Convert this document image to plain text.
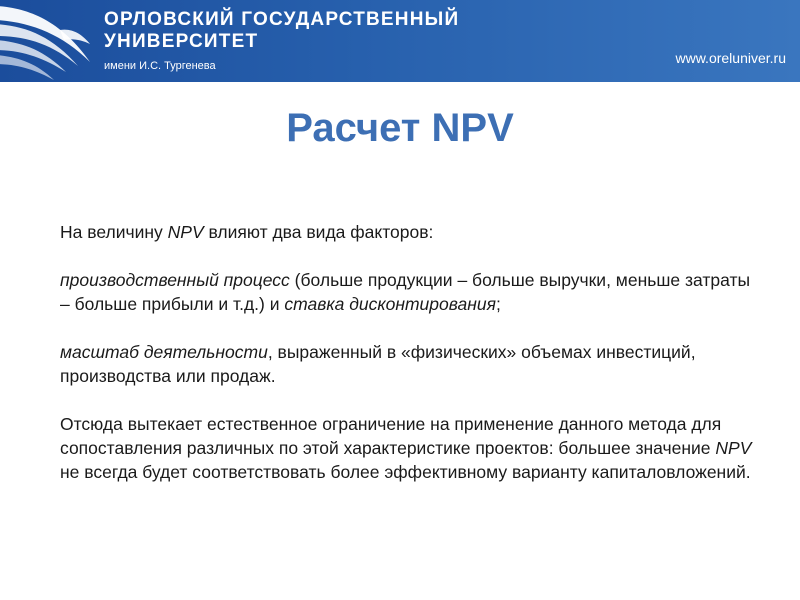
ОРЛОВСКИЙ ГОСУДАРСТВЕННЫЙ
УНИВЕРСИТЕТ
имени И.С. Тургенева	www.oreluniver.ru
Расчет NPV

На величину NPV влияют два вида факторов:

производственный процесс (больше продукции – больше выручки, меньше затраты – больше прибыли и т.д.) и ставка дисконтирования;

масштаб деятельности, выраженный в «физических» объемах инвестиций, производства или продаж.

Отсюда вытекает естественное ограничение на применение данного метода для сопоставления различных по этой характеристике проектов: большее значение NPV не всегда будет соответствовать более эффективному варианту капиталовложений.
